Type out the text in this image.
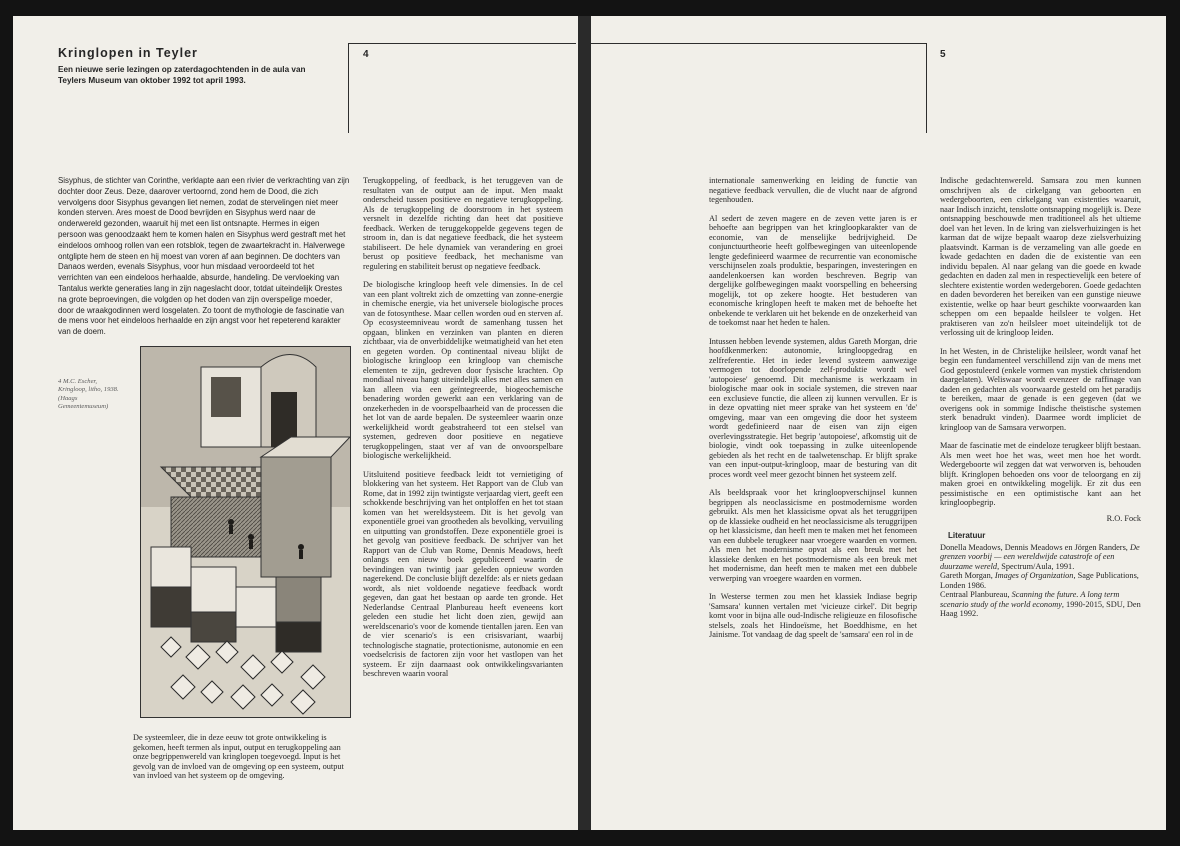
Kringlopen in Teyler

Een nieuwe serie lezingen op zaterdagochtenden in de aula van Teylers Museum van oktober 1992 tot april 1993.

4

Sisyphus, de stichter van Corinthe, verklapte aan een rivier de verkrachting van zijn dochter door Zeus. Deze, daarover vertoornd, zond hem de Dood, die zich vervolgens door Sisyphus gevangen liet nemen, zodat de stervelingen niet meer konden sterven. Ares moest de Dood bevrijden en Sisyphus werd naar de onderwereld gezonden, waaruit hij met een list ontsnapte. Hermes in eigen persoon was genoodzaakt hem te komen halen en Sisyphus werd gestraft met het eindeloos omhoog rollen van een rotsblok, tegen de zwaartekracht in. Halverwege ontglipte hem de steen en hij moest van voren af aan beginnen. De dochters van Danaos werden, evenals Sisyphus, voor hun misdaad veroordeeld tot het verrichten van een eindeloos herhaalde, absurde, handeling. De vervloeking van Tantalus werkte generaties lang in zijn nageslacht door, totdat uiteindelijk Orestes na grote beproevingen, die volgden op het doden van zijn overspelige moeder, door de wraakgodinnen werd losgelaten. Zo toont de mythologie de fascinatie van de mens voor het eindeloos herhaalde en zijn angst voor het repeterend karakter van de doem.

4 M.C. Escher, Kringloop, litho, 1938. (Haags Gemeentemuseum)

De systeemleer, die in deze eeuw tot grote ontwikkeling is gekomen, heeft termen als input, output en terugkoppeling aan onze begrippenwereld van kringlopen toegevoegd. Input is het gevolg van de invloed van de omgeving op een systeem, output van invloed van het systeem op de omgeving.

Terugkoppeling, of feedback, is het teruggeven van de resultaten van de output aan de input. Men maakt onderscheid tussen positieve en negatieve terugkoppeling. Als de terugkoppeling de doorstroom in het systeem versnelt in dezelfde richting dan heet dat positieve feedback. Werken de teruggekoppelde gegevens tegen de stroom in, dan is dat negatieve feedback, die het systeem stabiliseert. De hele dynamiek van verandering en groei berust op positieve feedback, het mechanisme van regulering en stabiliteit berust op negatieve feedback.

De biologische kringloop heeft vele dimensies. In de cel van een plant voltrekt zich de omzetting van zonne-energie in chemische energie, via het universele biologische proces van de fotosynthese. Maar cellen worden oud en sterven af. Op ecosysteemniveau wordt de samenhang tussen het opgaan, blinken en verzinken van planten en dieren zichtbaar, via de onverbiddelijke wetmatigheid van het eten en gegeten worden. Op continentaal niveau blijkt de biologische kringloop een kringloop van chemische elementen te zijn, gedreven door fysische krachten. Op mondiaal niveau hangt uiteindelijk alles met alles samen en kan alleen via een geïntegreerde, biogeochemische benadering worden gewerkt aan een verklaring van de onzekerheden in de voorspelbaarheid van de processen die het lot van de aarde bepalen. De systeemleer waarin onze werkelijkheid wordt geabstraheerd tot een stelsel van systemen, gedreven door positieve en negatieve terugkoppelingen, staat ver af van de onvoorspelbare biologische werkelijkheid.

Uitsluitend positieve feedback leidt tot vernietiging of blokkering van het systeem. Het Rapport van de Club van Rome, dat in 1992 zijn twintigste verjaardag viert, geeft een schokkende beschrijving van het ontploffen en het tot staan komen van het wereldsysteem. Dit is het gevolg van exponentiële groei van grootheden als bevolking, vervuiling en uitputting van grondstoffen. Deze exponentiële groei is het gevolg van positieve feedback. De schrijver van het Rapport van de Club van Rome, Dennis Meadows, heeft onlangs een nieuw boek gepubliceerd waarin de bevindingen van twintig jaar geleden opnieuw worden nagerekend. De conclusie blijft dezelfde: als er niets gedaan wordt, als niet voldoende negatieve feedback wordt gegeven, dan gaat het bestaan op aarde ten gronde. Het Nederlandse Centraal Planbureau heeft eveneens kort geleden een studie het licht doen zien, gewijd aan wereldscenario's voor de komende tientallen jaren. Een van de vier scenario's is een crisisvariant, waarbij technologische stagnatie, protectionisme, autonomie en een voedselcrisis de factoren zijn voor het vastlopen van het systeem. Er zijn daarnaast ook ontwikkelingsvarianten beschreven waarin vooral

5

internationale samenwerking en leiding de functie van negatieve feedback vervullen, die de vlucht naar de afgrond tegenhouden.

Al sedert de zeven magere en de zeven vette jaren is er behoefte aan begrippen van het kringloopkarakter van de economie, van de menselijke bedrijvigheid. De conjunctuurtheorie heeft golfbewegingen van uiteenlopende lengte gedefinieerd waarmee de recurrentie van economische verschijnselen zoals produktie, besparingen, investeringen en aandelenkoersen kan worden beschreven. Begrip van dergelijke golfbewegingen maakt voorspelling en beheersing mogelijk, tot op zekere hoogte. Het bestuderen van economische kringlopen heeft te maken met de behoefte het onbekende te verklaren uit het bekende en de onzekerheid van de toekomst naar het heden te halen.

Intussen hebben levende systemen, aldus Gareth Morgan, drie hoofdkenmerken: autonomie, kringloopgedrag en zelfreferentie. Het in ieder levend systeem aanwezige vermogen tot doorlopende zelf-produktie wordt wel 'autopoiese' genoemd. Dit mechanisme is werkzaam in biologische maar ook in sociale systemen, die streven naar een exclusieve functie, die alleen zij kunnen vervullen. Er is in deze opvatting niet meer sprake van het systeem en 'de' omgeving, maar van een omgeving die door het systeem wordt gedefinieerd naar de eisen van zijn eigen overlevingsstrategie. Het begrip 'autopoiese', afkomstig uit de biologie, vindt ook toepassing in zulke uiteenlopende gebieden als het recht en de taalwetenschap. Er blijft sprake van een input-output-kringloop, maar de besturing van dit proces wordt veel meer gezocht binnen het systeem zelf.

Als beeldspraak voor het kringloopverschijnsel kunnen begrippen als neoclassicisme en postmodernisme worden gebruikt. Als men het klassicisme opvat als het teruggrijpen op de klassieke oudheid en het neoclassicisme als teruggrijpen op het klassicisme, dan heeft men te maken met het fenomeen van een dubbele terugkeer naar vroegere waarden en vormen. Als men het modernisme opvat als een breuk met het klassieke denken en het postmodernisme als een breuk met het modernisme, dan heeft men te maken met een dubbele verwerping van vroegere waarden en vormen.

In Westerse termen zou men het klassiek Indiase begrip 'Samsara' kunnen vertalen met 'vicieuze cirkel'. Dit begrip komt voor in bijna alle oud-Indische religieuze en filosofische stelsels, zoals het Hindoeïsme, het Boeddhisme, en het Jainisme. Tot vandaag de dag speelt de 'samsara' een rol in de

Indische gedachtenwereld. Samsara zou men kunnen omschrijven als de cirkelgang van geboorten en wedergeboorten, een cirkelgang van existenties waaruit, naar Indisch inzicht, tenslotte ontsnapping mogelijk is. Deze ontsnapping beschouwde men traditioneel als het ultieme doel van het leven. In de kring van zielsverhuizingen is het karman dat de wijze bepaalt waarop deze zielsverhuizing plaatsvindt. Karman is de verzameling van alle goede en kwade gedachten en daden die de existentie van een individu bepalen. Al naar gelang van die goede en kwade gedachten en daden zal men in respectievelijk een betere of slechtere existentie worden wedergeboren. Goede gedachten en daden bevorderen het bereiken van een gunstige nieuwe existentie, welke op haar beurt geschikte voorwaarden kan scheppen om een bepaalde heilsleer te volgen. Het praktiseren van zo'n heilsleer moet uiteindelijk tot de verlossing uit de kringloop leiden.

In het Westen, in de Christelijke heilsleer, wordt vanaf het begin een fundamenteel verschillend zijn van de mens met God gepostuleerd (enkele vormen van mystiek christendom daargelaten). Weliswaar wordt evenzeer de raffinage van daden en gedachten als voorwaarde gesteld om het paradijs te bereiken, maar de genade is een gegeven (dat we overigens ook in sommige Indische theïstische systemen sterk benadrukt vinden). Daarmee wordt impliciet de kringloop van de Samsara verworpen.

Maar de fascinatie met de eindeloze terugkeer blijft bestaan. Als men weet hoe het was, weet men hoe het wordt. Wedergeboorte wil zeggen dat wat verworven is, behouden blijft. Kringlopen behoeden ons voor de teloorgang en zij maken groei en ontwikkeling mogelijk. Er zit dus een pessimistische en een optimistische kant aan het kringloopbegrip.

R.O. Fock

Literatuur

Donella Meadows, Dennis Meadows en Jörgen Randers, De grenzen voorbij — een wereldwijde catastrofe of een duurzame wereld, Spectrum/Aula, 1991.
Gareth Morgan, Images of Organization, Sage Publications, Londen 1986.
Centraal Planbureau, Scanning the future. A long term scenario study of the world economy, 1990-2015, SDU, Den Haag 1992.
